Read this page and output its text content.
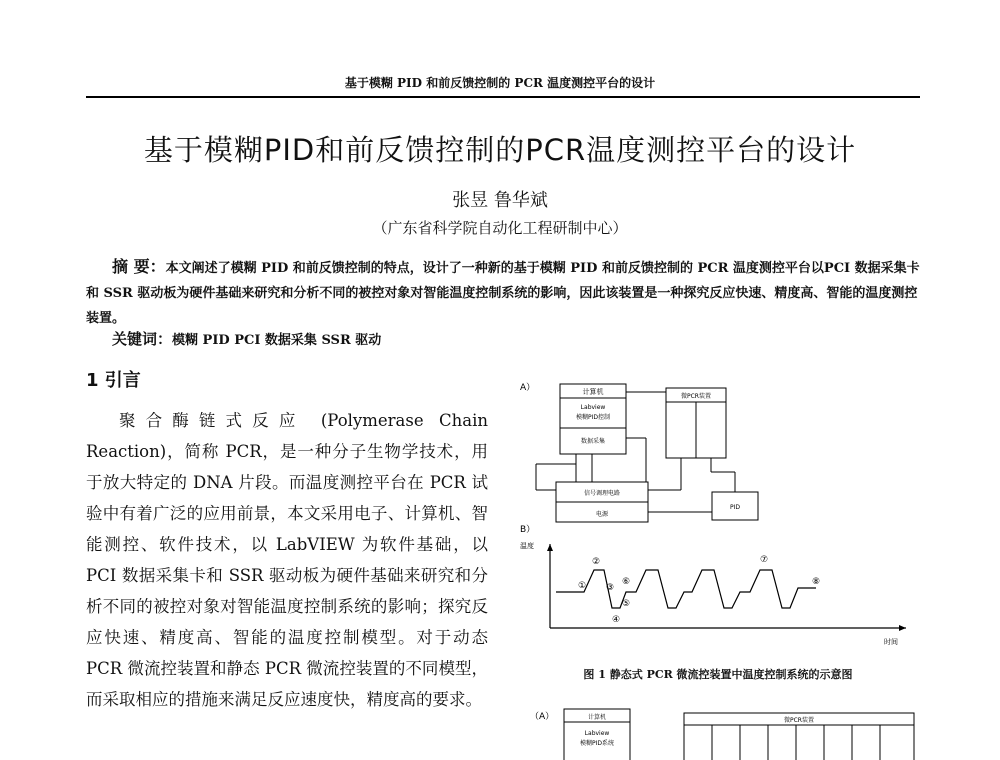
基于模糊 PID 和前反馈控制的 PCR 温度测控平台的设计
基于模糊PID和前反馈控制的PCR温度测控平台的设计
张昱 鲁华斌
（广东省科学院自动化工程研制中心）
摘 要：本文阐述了模糊 PID 和前反馈控制的特点，设计了一种新的基于模糊 PID 和前反馈控制的 PCR 温度测控平台以PCI 数据采集卡和 SSR 驱动板为硬件基础来研究和分析不同的被控对象对智能温度控制系统的影响，因此该装置是一种探究反应快速、精度高、智能的温度测控装置。
关键词：模糊 PID PCI 数据采集 SSR 驱动
1 引言
聚合酶链式反应 (Polymerase Chain Reaction)，简称 PCR，是一种分子生物学技术，用于放大特定的 DNA 片段。而温度测控平台在 PCR 试验中有着广泛的应用前景，本文采用电子、计算机、智能测控、软件技术，以 LabVIEW 为软件基础，以 PCI 数据采集卡和 SSR 驱动板为硬件基础来研究和分析不同的被控对象对智能温度控制系统的影响；探究反应快速、精度高、智能的温度控制模型。对于动态 PCR 微流控装置和静态 PCR 微流控装置的不同模型，而采取相应的措施来满足反应速度快，精度高的要求。
A）	计算机
Labview
模糊PID控制
数据采集
微PCR装置
信号调理电路
电源
PID
B）
温度
时间
①
②
③
④
⑤
⑥
⑦
⑧
图 1 静态式 PCR 微流控装置中温度控制系统的示意图
（A）	计算机
Labview
模糊PID系统
微PCR装置
